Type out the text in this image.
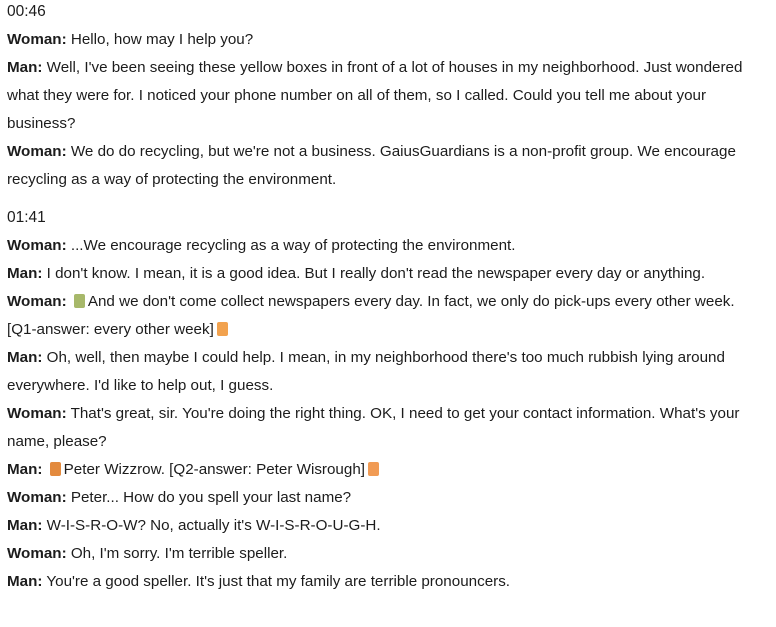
00:46
Woman: Hello, how may I help you?
Man: Well, I've been seeing these yellow boxes in front of a lot of houses in my neighborhood. Just wondered what they were for. I noticed your phone number on all of them, so I called. Could you tell me about your business?
Woman: We do do recycling, but we're not a business. GaiusGuardians is a non-profit group. We encourage recycling as a way of protecting the environment.
01:41
Woman: ...We encourage recycling as a way of protecting the environment.
Man: I don't know. I mean, it is a good idea. But I really don't read the newspaper every day or anything.
Woman: And we don't come collect newspapers every day. In fact, we only do pick-ups every other week. [Q1-answer: every other week]
Man: Oh, well, then maybe I could help. I mean, in my neighborhood there's too much rubbish lying around everywhere. I'd like to help out, I guess.
Woman: That's great, sir. You're doing the right thing. OK, I need to get your contact information. What's your name, please?
Man: Peter Wizzrow. [Q2-answer: Peter Wisrough]
Woman: Peter... How do you spell your last name?
Man: W-I-S-R-O-W? No, actually it's W-I-S-R-O-U-G-H.
Woman: Oh, I'm sorry. I'm terrible speller.
Man: You're a good speller. It's just that my family are terrible pronouncers.
